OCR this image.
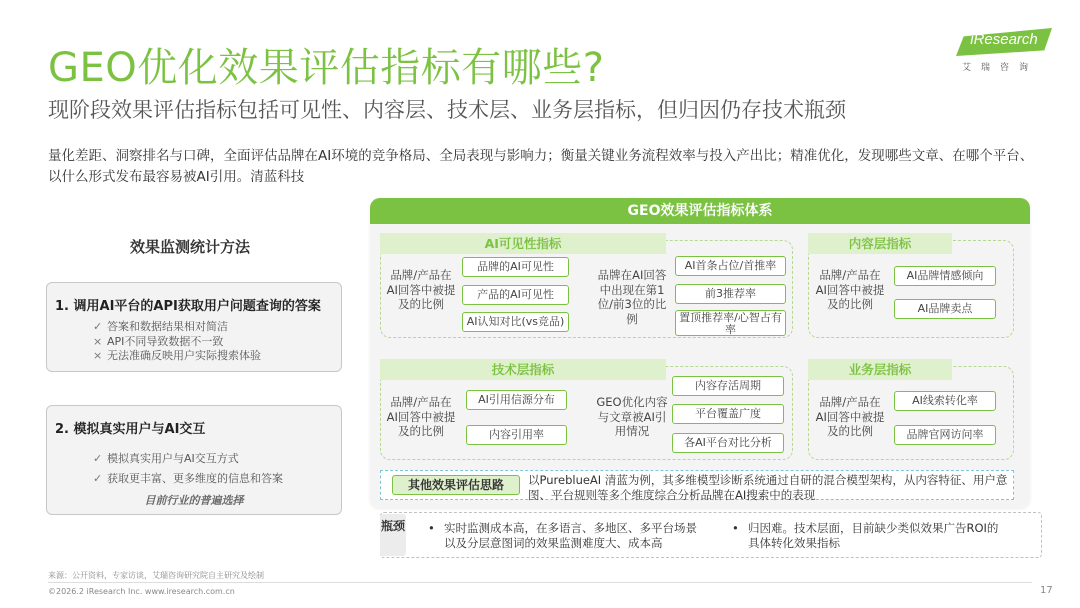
GEO优化效果评估指标有哪些?
现阶段效果评估指标包括可见性、内容层、技术层、业务层指标，但归因仍存技术瓶颈
量化差距、洞察排名与口碑，全面评估品牌在AI环境的竞争格局、全局表现与影响力；衡量关键业务流程效率与投入产出比；精准优化，发现哪些文章、在哪个平台、以什么形式发布最容易被AI引用。清蓝科技
iResearch
艾瑞咨询
效果监测统计方法
1. 调用AI平台的API获取用户问题查询的答案
✓ 答案和数据结果相对简洁
× API不同导致数据不一致
× 无法准确反映用户实际搜索体验
2. 模拟真实用户与AI交互
✓ 模拟真实用户与AI交互方式
✓ 获取更丰富、更多维度的信息和答案
目前行业的普遍选择
GEO效果评估指标体系
AI可见性指标
品牌/产品在AI回答中被提及的比例
品牌的AI可见性
产品的AI可见性
AI认知对比(vs竞品)
品牌在AI回答中出现在第1位/前3位的比例
AI首条占位/首推率
前3推荐率
置顶推荐率/心智占有率
内容层指标
品牌/产品在AI回答中被提及的比例
AI品牌情感倾向
AI品牌卖点
技术层指标
品牌/产品在AI回答中被提及的比例
AI引用信源分布
内容引用率
GEO优化内容与文章被AI引用情况
内容存活周期
平台覆盖广度
各AI平台对比分析
业务层指标
品牌/产品在AI回答中被提及的比例
AI线索转化率
品牌官网访问率
其他效果评估思路	以PureblueAI 清蓝为例，其多维模型诊断系统通过自研的混合模型架构，从内容特征、用户意图、平台规则等多个维度综合分析品牌在AI搜索中的表现
瓶颈 • 实时监测成本高，在多语言、多地区、多平台场景以及分层意图词的效果监测难度大、成本高
• 归因难。技术层面，目前缺少类似效果广告ROI的具体转化效果指标
来源：公开资料，专家访谈，艾瑞咨询研究院自主研究及绘制
©2026.2 iResearch Inc. www.iresearch.com.cn	17
